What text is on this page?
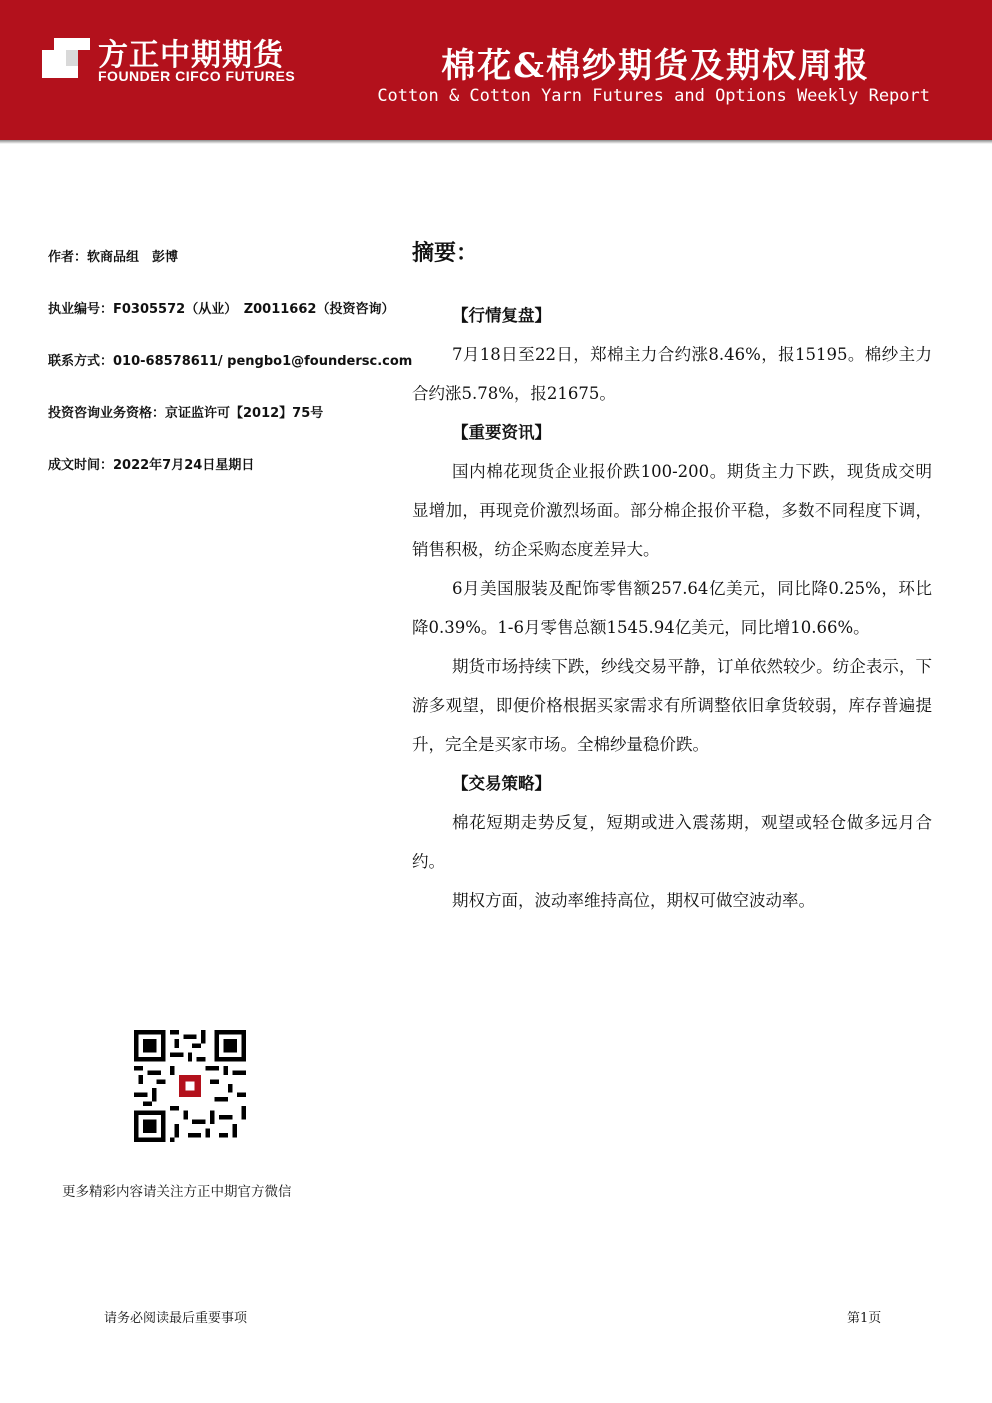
方正中期期货
FOUNDER CIFCO FUTURES	棉花&棉纱期货及期权周报
Cotton & Cotton Yarn Futures and Options Weekly Report
作者：软商品组　彭博
执业编号：F0305572（从业）　Z0011662（投资咨询）
联系方式：010-68578611/ pengbo1@foundersc.com
投资咨询业务资格：京证监许可【2012】75号
成文时间：2022年7月24日星期日
摘要：
【行情复盘】

7月18日至22日，郑棉主力合约涨8.46%，报15195。棉纱主力合约涨5.78%，报21675。

【重要资讯】

国内棉花现货企业报价跌100-200。期货主力下跌，现货成交明显增加，再现竞价激烈场面。部分棉企报价平稳，多数不同程度下调，销售积极，纺企采购态度差异大。

6月美国服装及配饰零售额257.64亿美元，同比降0.25%，环比降0.39%。1-6月零售总额1545.94亿美元，同比增10.66%。

期货市场持续下跌，纱线交易平静，订单依然较少。纺企表示，下游多观望，即便价格根据买家需求有所调整依旧拿货较弱，库存普遍提升，完全是买家市场。全棉纱量稳价跌。

【交易策略】

棉花短期走势反复，短期或进入震荡期，观望或轻仓做多远月合约。

期权方面，波动率维持高位，期权可做空波动率。

更多精彩内容请关注方正中期官方微信
请务必阅读最后重要事项	第1页
